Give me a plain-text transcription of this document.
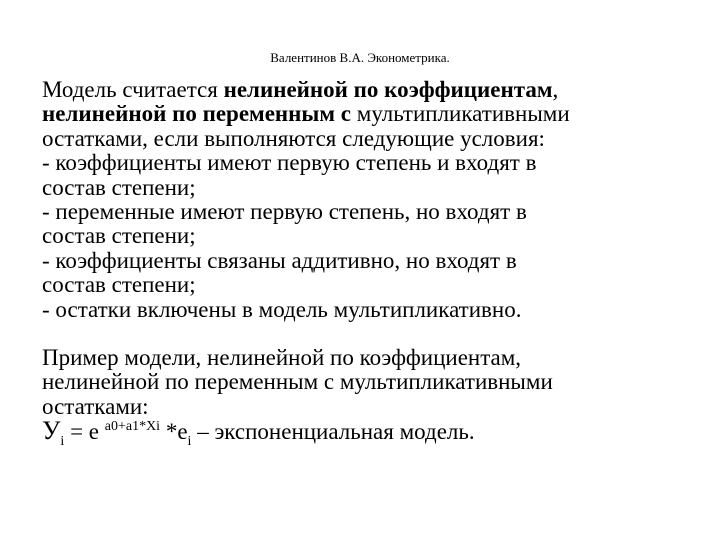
Валентинов В.А. Эконометрика.
Модель считается нелинейной по коэффициентам,
нелинейной по переменным с мультипликативными
остатками, если выполняются следующие условия:
- коэффициенты имеют первую степень и входят в
состав степени;
- переменные имеют первую степень, но входят в
состав степени;
- коэффициенты связаны аддитивно, но входят в
состав степени;
- остатки включены в модель мультипликативно.
Пример модели, нелинейной по коэффициентам,
нелинейной по переменным с мультипликативными
остатками:
$У_i = е$ $^{a0+a1*Xi}$ $*е_i$ – экспоненциальная модель.
